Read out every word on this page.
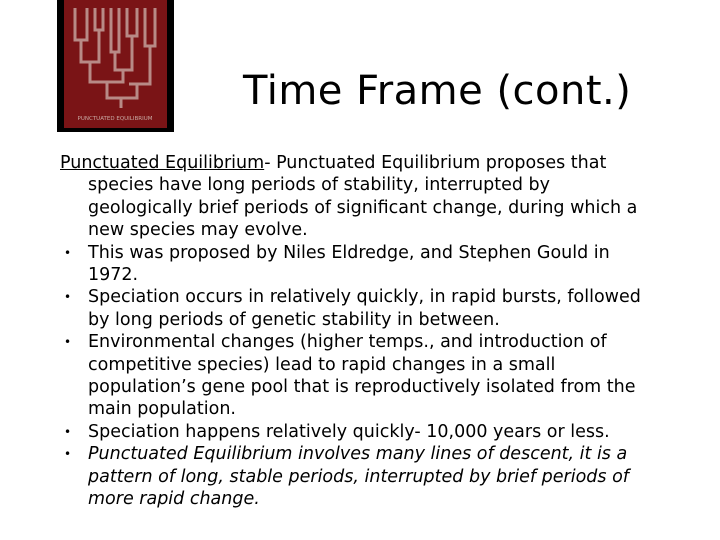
PUNCTUATED EQUILIBRIUM
Time Frame (cont.)

Punctuated Equilibrium- Punctuated Equilibrium proposes that species have long periods of stability, interrupted by geologically brief periods of significant change, during which a new species may evolve.

• This was proposed by Niles Eldredge, and Stephen Gould in 1972.
• Speciation occurs in relatively quickly, in rapid bursts, followed by long periods of genetic stability in between.
• Environmental changes (higher temps., and introduction of competitive species) lead to rapid changes in a small population’s gene pool that is reproductively isolated from the main population.
• Speciation happens relatively quickly- 10,000 years or less.
• Punctuated Equilibrium involves many lines of descent, it is a pattern of long, stable periods, interrupted by brief periods of more rapid change.
